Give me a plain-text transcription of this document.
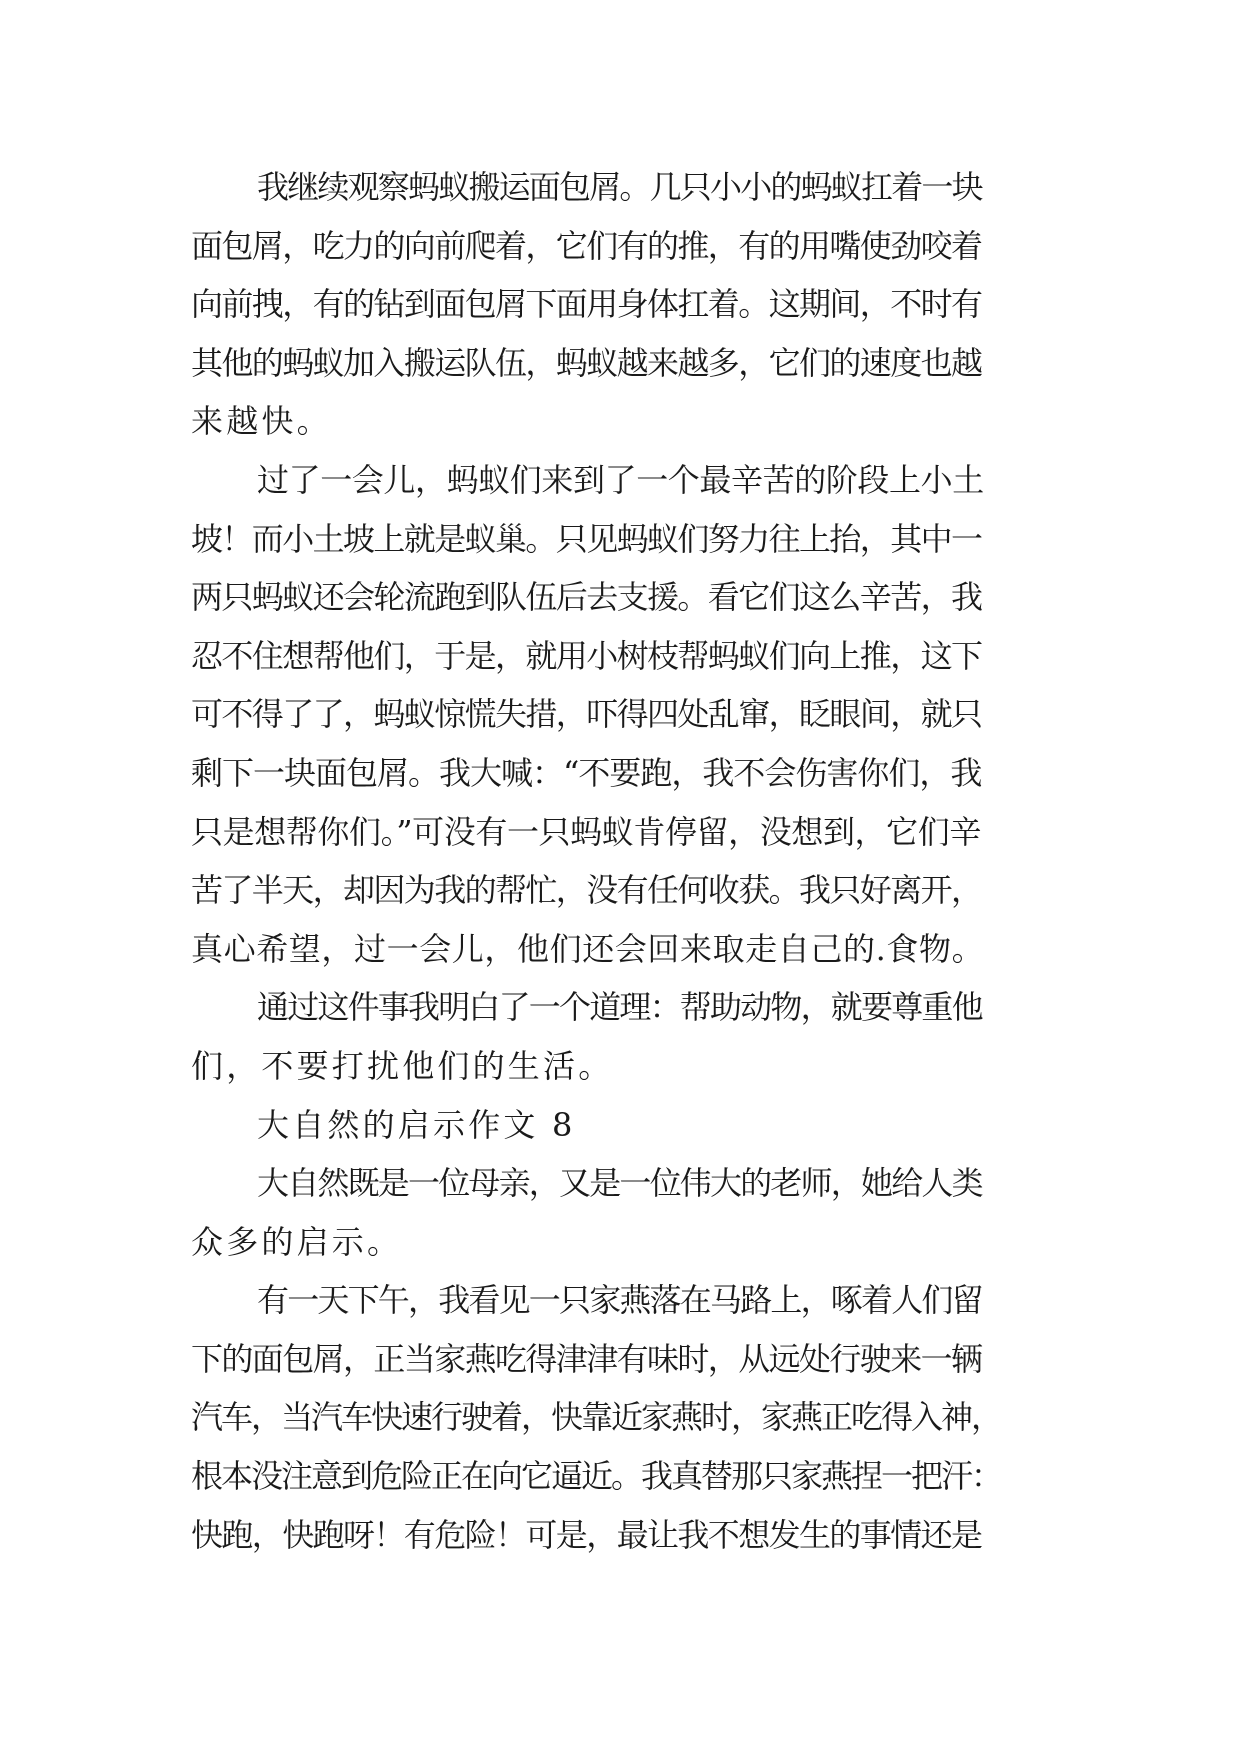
我继续观察蚂蚁搬运面包屑。几只小小的蚂蚁扛着一块
面包屑，吃力的向前爬着，它们有的推，有的用嘴使劲咬着
向前拽，有的钻到面包屑下面用身体扛着。这期间，不时有
其他的蚂蚁加入搬运队伍，蚂蚁越来越多，它们的速度也越
来越快。
过了一会儿，蚂蚁们来到了一个最辛苦的阶段上小土
坡！而小土坡上就是蚁巢。只见蚂蚁们努力往上抬，其中一
两只蚂蚁还会轮流跑到队伍后去支援。看它们这么辛苦，我
忍不住想帮他们，于是，就用小树枝帮蚂蚁们向上推，这下
可不得了了，蚂蚁惊慌失措，吓得四处乱窜，眨眼间，就只
剩下一块面包屑。我大喊：“不要跑，我不会伤害你们，我
只是想帮你们。”可没有一只蚂蚁肯停留，没想到，它们辛
苦了半天，却因为我的帮忙，没有任何收获。我只好离开，
真心希望，过一会儿，他们还会回来取走自己的.食物。
通过这件事我明白了一个道理：帮助动物，就要尊重他
们，不要打扰他们的生活。
大自然的启示作文 8
大自然既是一位母亲，又是一位伟大的老师，她给人类
众多的启示。
有一天下午，我看见一只家燕落在马路上，啄着人们留
下的面包屑，正当家燕吃得津津有味时，从远处行驶来一辆
汽车，当汽车快速行驶着，快靠近家燕时，家燕正吃得入神，
根本没注意到危险正在向它逼近。我真替那只家燕捏一把汗：
快跑，快跑呀！有危险！可是，最让我不想发生的事情还是
